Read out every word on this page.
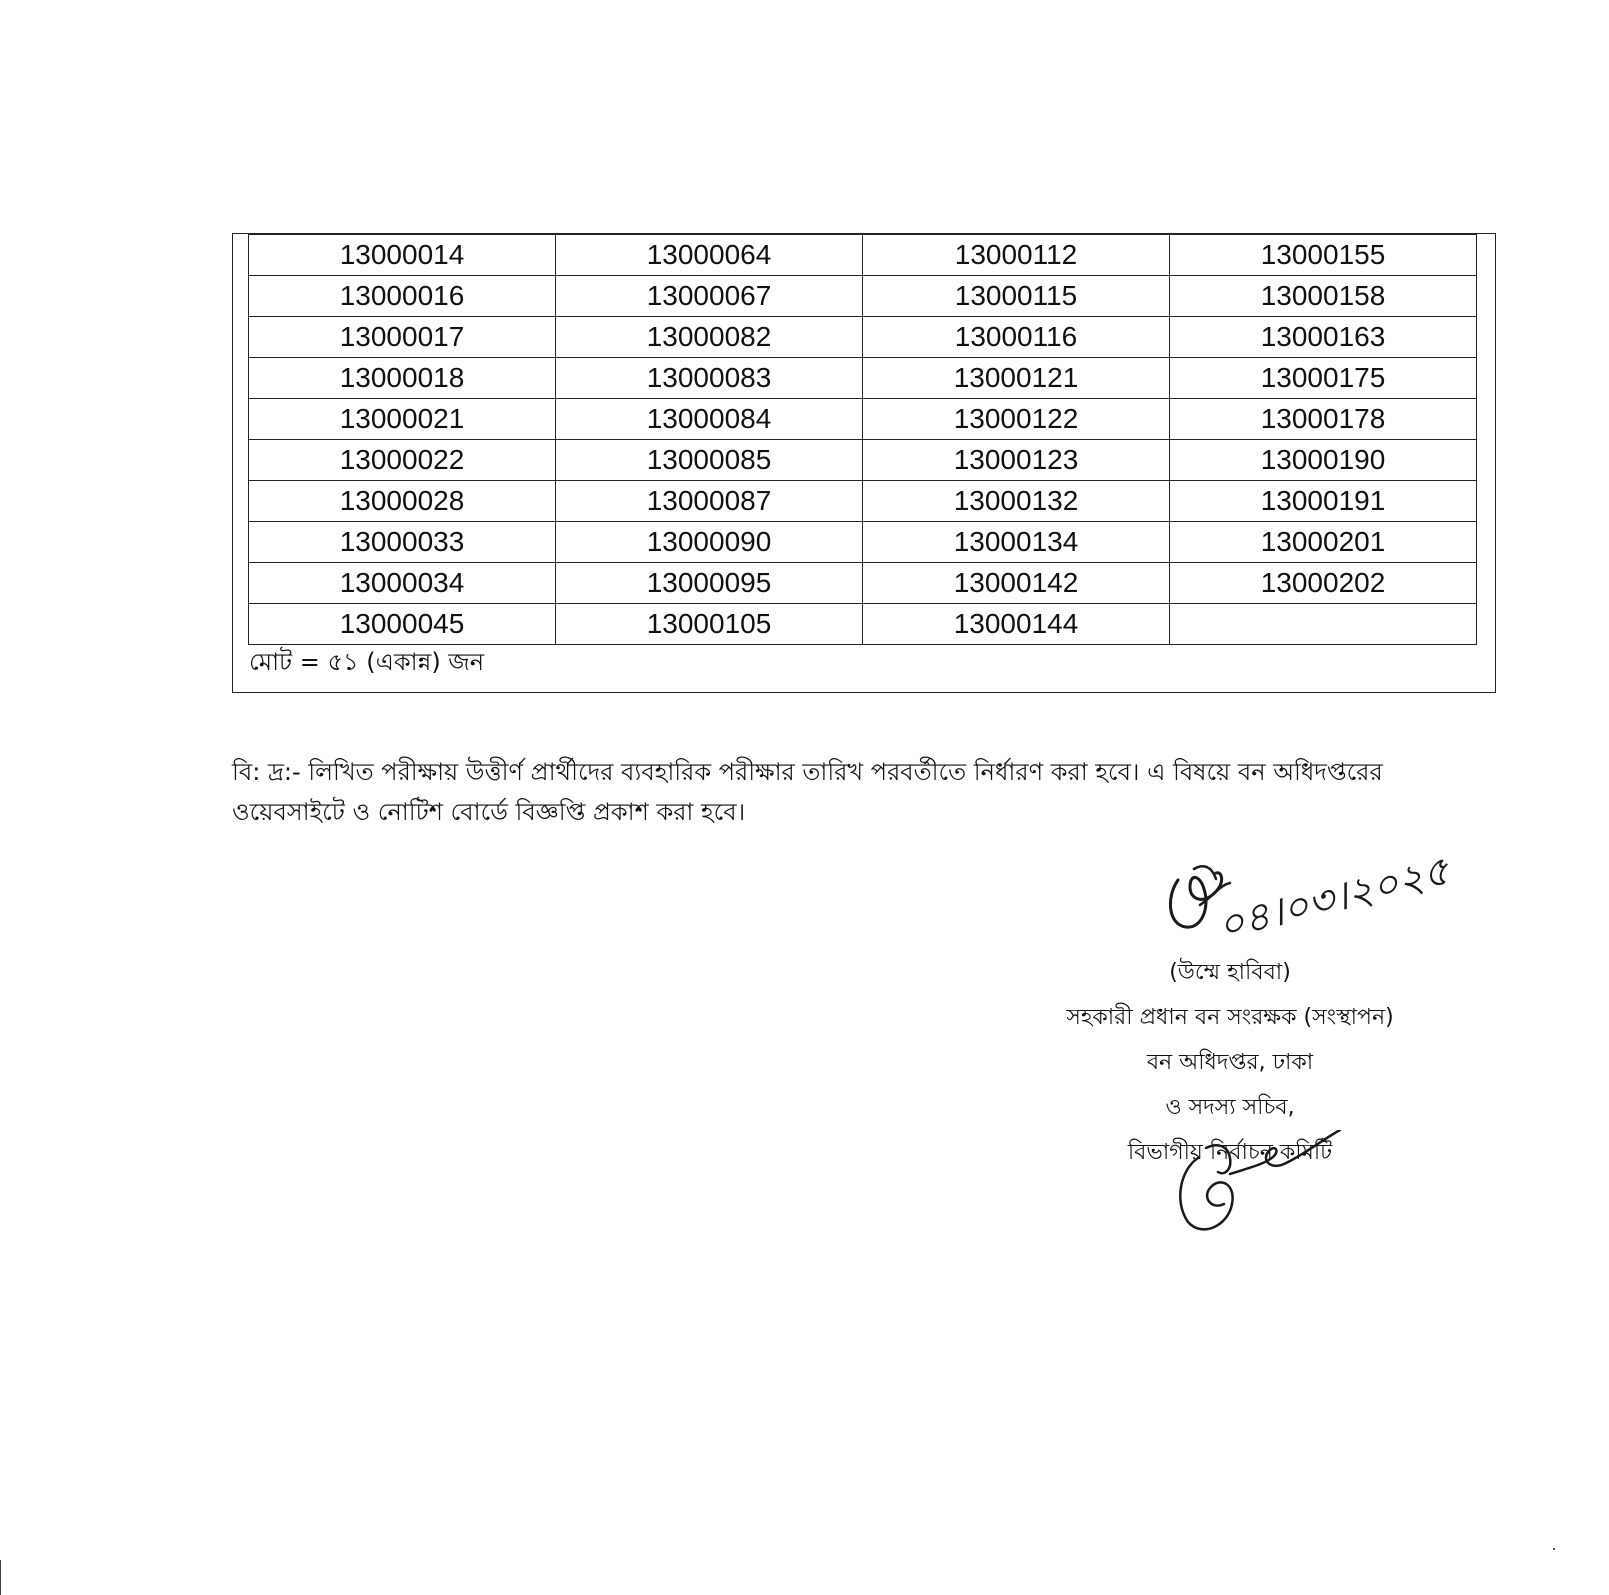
13000014	13000064	13000112	13000155
13000016	13000067	13000115	13000158
13000017	13000082	13000116	13000163
13000018	13000083	13000121	13000175
13000021	13000084	13000122	13000178
13000022	13000085	13000123	13000190
13000028	13000087	13000132	13000191
13000033	13000090	13000134	13000201
13000034	13000095	13000142	13000202
13000045	13000105	13000144	
মোট = ৫১ (একান্ন) জন
বি: দ্র:- লিখিত পরীক্ষায় উত্তীর্ণ প্রার্থীদের ব্যবহারিক পরীক্ষার তারিখ পরবর্তীতে নির্ধারণ করা হবে। এ বিষয়ে বন অধিদপ্তরের
ওয়েবসাইটে ও নোটিশ বোর্ডে বিজ্ঞপ্তি প্রকাশ করা হবে।
০৪।০৩।২০২৫
(উম্মে হাবিবা)
সহকারী প্রধান বন সংরক্ষক (সংস্থাপন)
বন অধিদপ্তর, ঢাকা
ও সদস্য সচিব,
বিভাগীয় নির্বাচন কমিটি
